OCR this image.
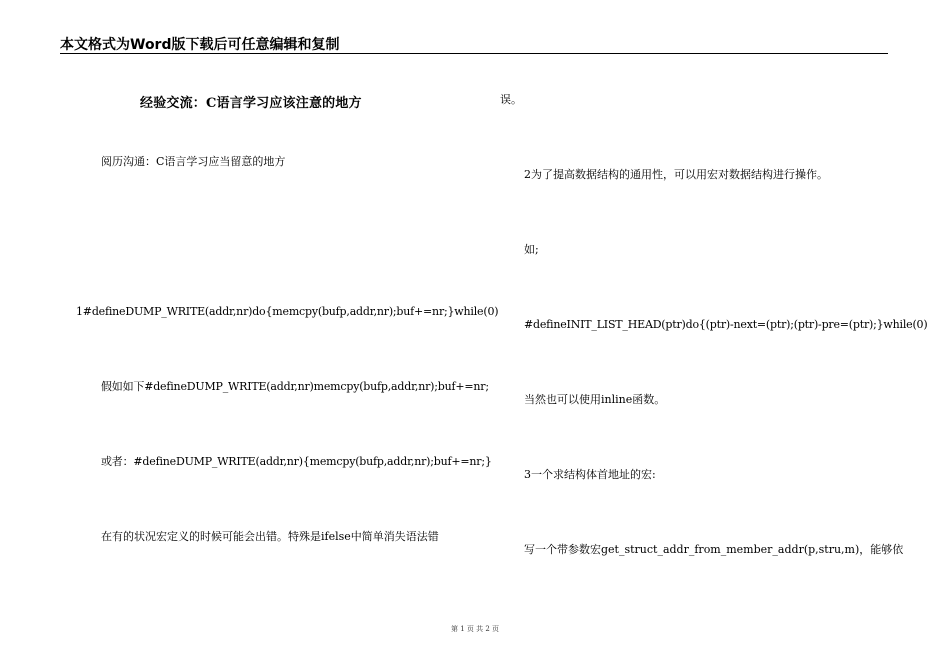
本文格式为Word版下载后可任意编辑和复制
经验交流：C语言学习应该注意的地方
阅历沟通：C语言学习应当留意的地方
1#defineDUMP_WRITE(addr,nr)do{memcpy(bufp,addr,nr);buf+=nr;}while(0)
假如如下#defineDUMP_WRITE(addr,nr)memcpy(bufp,addr,nr);buf+=nr;
或者：#defineDUMP_WRITE(addr,nr){memcpy(bufp,addr,nr);buf+=nr;}
在有的状况宏定义的时候可能会出错。特殊是ifelse中简单消失语法错
误。
2为了提高数据结构的通用性，可以用宏对数据结构进行操作。
如;
#defineINIT_LIST_HEAD(ptr)do{(ptr)-next=(ptr);(ptr)-pre=(ptr);}while(0)
当然也可以使用inline函数。
3一个求结构体首地址的宏:
写一个带参数宏get_struct_addr_from_member_addr(p,stru,m)，能够依
第 1 页 共 2 页
